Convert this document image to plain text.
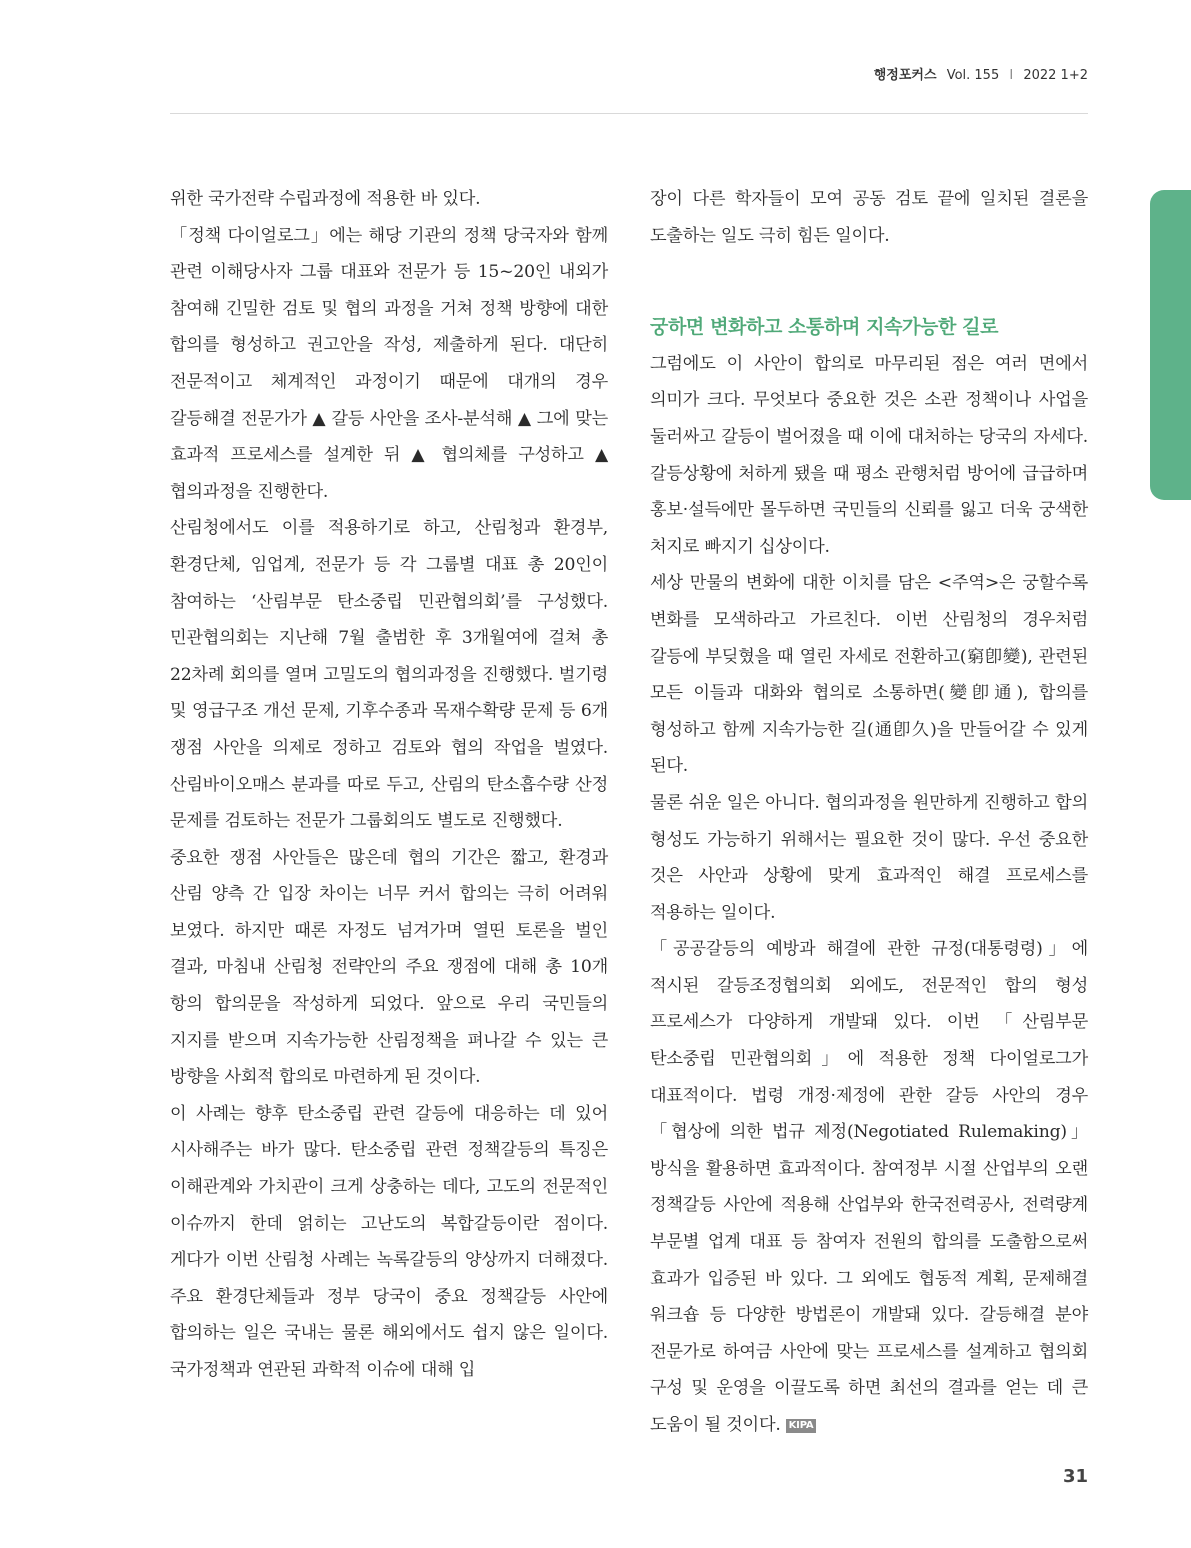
행정포커스 Vol. 155 I 2022 1+2

위한 국가전략 수립과정에 적용한 바 있다.

「정책 다이얼로그」에는 해당 기관의 정책 당국자와 함께 관련 이해당사자 그룹 대표와 전문가 등 15~20인 내외가 참여해 긴밀한 검토 및 협의 과정을 거쳐 정책 방향에 대한 합의를 형성하고 권고안을 작성, 제출하게 된다. 대단히 전문적이고 체계적인 과정이기 때문에 대개의 경우 갈등해결 전문가가 ▲ 갈등 사안을 조사-분석해 ▲ 그에 맞는 효과적 프로세스를 설계한 뒤 ▲ 협의체를 구성하고 ▲ 협의과정을 진행한다.

산림청에서도 이를 적용하기로 하고, 산림청과 환경부, 환경단체, 임업계, 전문가 등 각 그룹별 대표 총 20인이 참여하는 ‘산림부문 탄소중립 민관협의회’를 구성했다. 민관협의회는 지난해 7월 출범한 후 3개월여에 걸쳐 총 22차례 회의를 열며 고밀도의 협의과정을 진행했다. 벌기령 및 영급구조 개선 문제, 기후수종과 목재수확량 문제 등 6개 쟁점 사안을 의제로 정하고 검토와 협의 작업을 벌였다. 산림바이오매스 분과를 따로 두고, 산림의 탄소흡수량 산정 문제를 검토하는 전문가 그룹회의도 별도로 진행했다.

중요한 쟁점 사안들은 많은데 협의 기간은 짧고, 환경과 산림 양측 간 입장 차이는 너무 커서 합의는 극히 어려워 보였다. 하지만 때론 자정도 넘겨가며 열띤 토론을 벌인 결과, 마침내 산림청 전략안의 주요 쟁점에 대해 총 10개 항의 합의문을 작성하게 되었다. 앞으로 우리 국민들의 지지를 받으며 지속가능한 산림정책을 펴나갈 수 있는 큰 방향을 사회적 합의로 마련하게 된 것이다.

이 사례는 향후 탄소중립 관련 갈등에 대응하는 데 있어 시사해주는 바가 많다. 탄소중립 관련 정책갈등의 특징은 이해관계와 가치관이 크게 상충하는 데다, 고도의 전문적인 이슈까지 한데 얽히는 고난도의 복합갈등이란 점이다. 게다가 이번 산림청 사례는 녹록갈등의 양상까지 더해졌다. 주요 환경단체들과 정부 당국이 중요 정책갈등 사안에 합의하는 일은 국내는 물론 해외에서도 쉽지 않은 일이다. 국가정책과 연관된 과학적 이슈에 대해 입

장이 다른 학자들이 모여 공동 검토 끝에 일치된 결론을 도출하는 일도 극히 힘든 일이다.

궁하면 변화하고 소통하며 지속가능한 길로

그럼에도 이 사안이 합의로 마무리된 점은 여러 면에서 의미가 크다. 무엇보다 중요한 것은 소관 정책이나 사업을 둘러싸고 갈등이 벌어졌을 때 이에 대처하는 당국의 자세다. 갈등상황에 처하게 됐을 때 평소 관행처럼 방어에 급급하며 홍보·설득에만 몰두하면 국민들의 신뢰를 잃고 더욱 궁색한 처지로 빠지기 십상이다.

세상 만물의 변화에 대한 이치를 담은 <주역>은 궁할수록 변화를 모색하라고 가르친다. 이번 산림청의 경우처럼 갈등에 부딪혔을 때 열린 자세로 전환하고(窮卽變), 관련된 모든 이들과 대화와 협의로 소통하면(變卽通), 합의를 형성하고 함께 지속가능한 길(通卽久)을 만들어갈 수 있게 된다.

물론 쉬운 일은 아니다. 협의과정을 원만하게 진행하고 합의 형성도 가능하기 위해서는 필요한 것이 많다. 우선 중요한 것은 사안과 상황에 맞게 효과적인 해결 프로세스를 적용하는 일이다.

「공공갈등의 예방과 해결에 관한 규정(대통령령)」에 적시된 갈등조정협의회 외에도, 전문적인 합의 형성 프로세스가 다양하게 개발돼 있다. 이번 「산림부문 탄소중립 민관협의회」에 적용한 정책 다이얼로그가 대표적이다. 법령 개정·제정에 관한 갈등 사안의 경우 「협상에 의한 법규 제정(Negotiated Rulemaking)」 방식을 활용하면 효과적이다. 참여정부 시절 산업부의 오랜 정책갈등 사안에 적용해 산업부와 한국전력공사, 전력량계 부문별 업계 대표 등 참여자 전원의 합의를 도출함으로써 효과가 입증된 바 있다. 그 외에도 협동적 계획, 문제해결 워크숍 등 다양한 방법론이 개발돼 있다. 갈등해결 분야 전문가로 하여금 사안에 맞는 프로세스를 설계하고 협의회 구성 및 운영을 이끌도록 하면 최선의 결과를 얻는 데 큰 도움이 될 것이다. KIPA

31
